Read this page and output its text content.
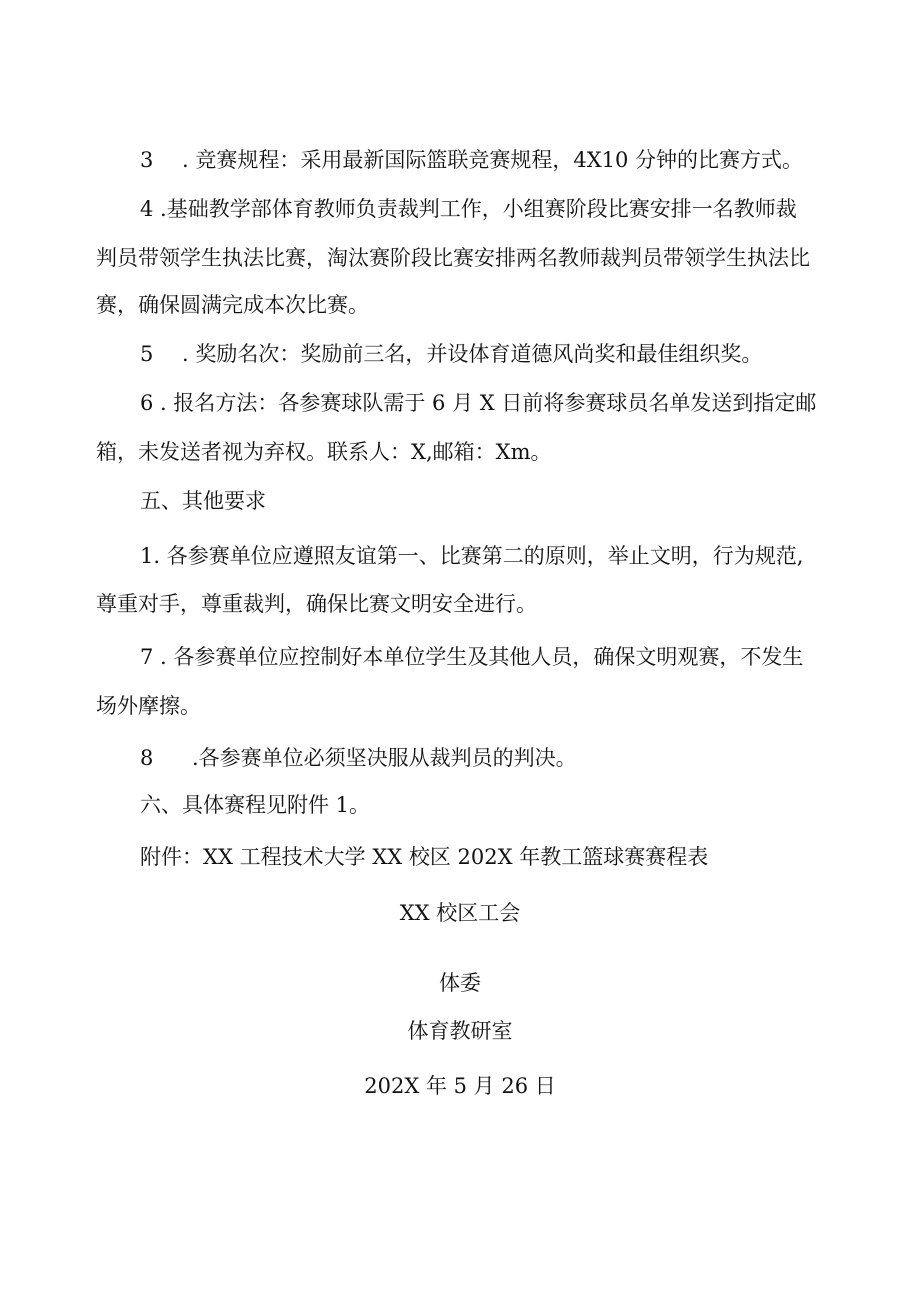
3 . 竞赛规程：采用最新国际篮联竞赛规程，4X10 分钟的比赛方式。
4 .基础教学部体育教师负责裁判工作，小组赛阶段比赛安排一名教师裁
判员带领学生执法比赛，淘汰赛阶段比赛安排两名教师裁判员带领学生执法比
赛，确保圆满完成本次比赛。
5 . 奖励名次：奖励前三名，并设体育道德风尚奖和最佳组织奖。
6 . 报名方法：各参赛球队需于 6 月 X 日前将参赛球员名单发送到指定邮
箱，未发送者视为弃权。联系人：X,邮箱：Xm。
五、其他要求
1. 各参赛单位应遵照友谊第一、比赛第二的原则，举止文明，行为规范,
尊重对手，尊重裁判，确保比赛文明安全进行。
7 . 各参赛单位应控制好本单位学生及其他人员，确保文明观赛，不发生
场外摩擦。
8 .各参赛单位必须坚决服从裁判员的判决。
六、具体赛程见附件 1。
附件：XX 工程技术大学 XX 校区 202X 年教工篮球赛赛程表
XX 校区工会
体委
体育教研室
202X 年 5 月 26 日
